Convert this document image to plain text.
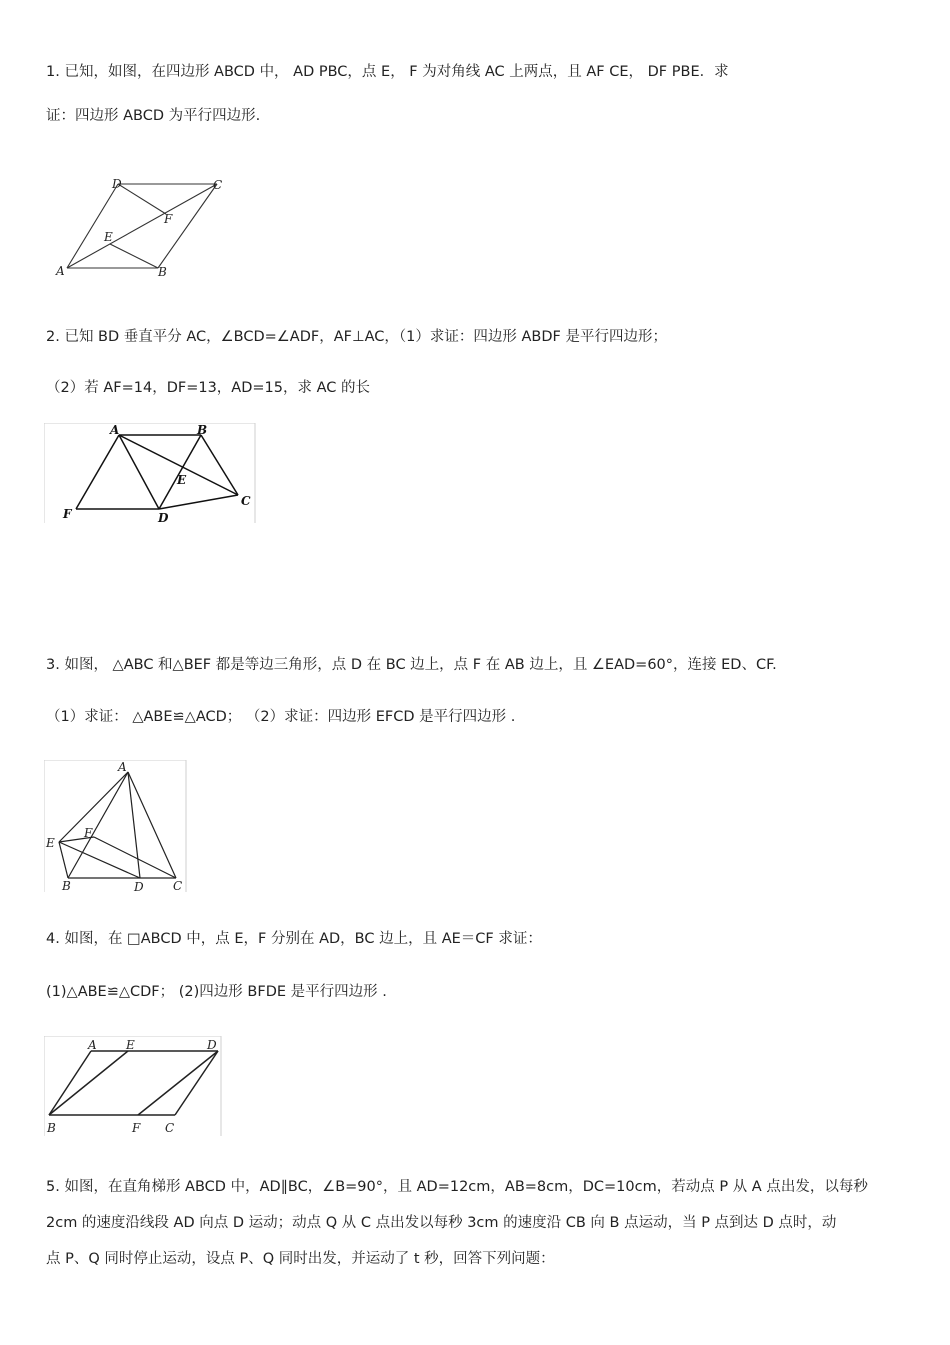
1. 已知，如图，在四边形 ABCD 中， AD PBC，点 E， F 为对角线 AC 上两点，且 AF CE， DF PBE．求
证：四边形 ABCD 为平行四边形.
A	B
C
D
E
F
2. 已知 BD 垂直平分 AC，∠BCD=∠ADF，AF⊥AC，（1）求证：四边形 ABDF 是平行四边形；
（2）若 AF=14，DF=13，AD=15，求 AC 的长
A	B
C
D
E
F
3. 如图， △ABC 和△BEF 都是等边三角形，点 D 在 BC 边上，点 F 在 AB 边上，且 ∠EAD=60°，连接 ED、CF.
（1）求证： △ABE≌△ACD； （2）求证：四边形 EFCD 是平行四边形 .
A
B	C
D
E
F
4. 如图，在 □ABCD 中，点 E，F 分别在 AD，BC 边上，且 AE＝CF 求证：
(1)△ABE≌△CDF； (2)四边形 BFDE 是平行四边形 .
A E	D
B	F C
5. 如图，在直角梯形 ABCD 中，AD∥BC，∠B=90°，且 AD=12cm，AB=8cm，DC=10cm，若动点 P 从 A 点出发，以每秒
2cm 的速度沿线段 AD 向点 D 运动；动点 Q 从 C 点出发以每秒 3cm 的速度沿 CB 向 B 点运动，当 P 点到达 D 点时，动
点 P、Q 同时停止运动，设点 P、Q 同时出发，并运动了 t 秒，回答下列问题：
